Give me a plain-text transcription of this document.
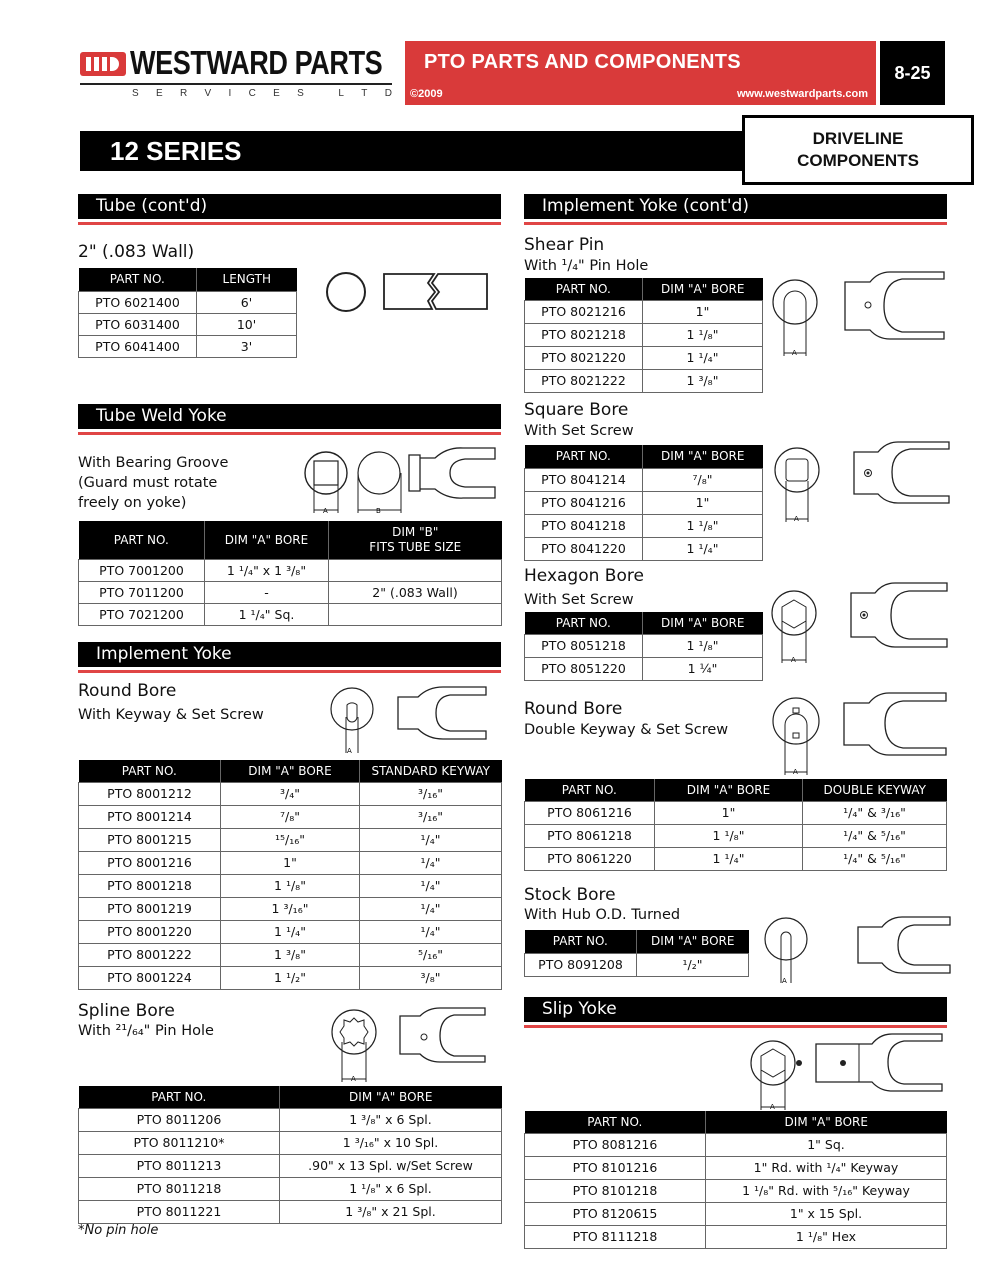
WESTWARD PARTS
S E R V I C E S	L T D
PTO PARTS AND COMPONENTS
©2009	www.westwardparts.com
8-25
12 SERIES	DRIVELINE
COMPONENTS
Tube (cont'd)
2" (.083 Wall)
PART NO.	LENGTH
PTO 6021400	6'
PTO 6031400	10'
PTO 6041400	3'
Tube Weld Yoke
With Bearing Groove
(Guard must rotate
freely on yoke)	A	B
PART NO.	DIM "A" BORE	DIM "B"
FITS TUBE SIZE

PTO 7001200	1 ¹/₄" x 1 ³/₈"	
PTO 7011200	-	2" (.083 Wall)
PTO 7021200	1 ¹/₄" Sq.	
Implement Yoke
Round Bore
With Keyway & Set Screw
A
PART NO.	DIM "A" BORE	STANDARD KEYWAY
PTO 8001212	³/₄"	³/₁₆"
PTO 8001214	⁷/₈"	³/₁₆"
PTO 8001215	¹⁵/₁₆"	¹/₄"
PTO 8001216	1"	¹/₄"
PTO 8001218	1 ¹/₈"	¹/₄"
PTO 8001219	1 ³/₁₆"	¹/₄"
PTO 8001220	1 ¹/₄"	¹/₄"
PTO 8001222	1 ³/₈"	⁵/₁₆"
PTO 8001224	1 ¹/₂"	³/₈"
Spline Bore
With ²¹/₆₄" Pin Hole
A
PART NO.	DIM "A" BORE
PTO 8011206	1 ³/₈" x 6 Spl.
PTO 8011210*	1 ³/₁₆" x 10 Spl.
PTO 8011213	.90" x 13 Spl. w/Set Screw
PTO 8011218	1 ¹/₈" x 6 Spl.
PTO 8011221	1 ³/₈" x 21 Spl.
*No pin hole
Implement Yoke (cont'd)
Shear Pin
With ¹/₄" Pin Hole
PART NO.	DIM "A" BORE
PTO 8021216	1"
PTO 8021218	1 ¹/₈"
PTO 8021220	1 ¹/₄"
PTO 8021222	1 ³/₈"
A
Square Bore
With Set Screw
PART NO.	DIM "A" BORE
PTO 8041214	⁷/₈"
PTO 8041216	1"
PTO 8041218	1 ¹/₈"
PTO 8041220	1 ¹/₄"
A
Hexagon Bore
With Set Screw
PART NO.	DIM "A" BORE
PTO 8051218	1 ¹/₈"
PTO 8051220	1 ¼"
A
Round Bore
Double Keyway & Set Screw
A
PART NO.	DIM "A" BORE	DOUBLE KEYWAY
PTO 8061216	1"	¹/₄" & ³/₁₆"
PTO 8061218	1 ¹/₈"	¹/₄" & ⁵/₁₆"
PTO 8061220	1 ¹/₄"	¹/₄" & ⁵/₁₆"
Stock Bore
With Hub O.D. Turned
PART NO.	DIM "A" BORE
PTO 8091208	¹/₂"
A
Slip Yoke
A
PART NO.	DIM "A" BORE
PTO 8081216	1" Sq.
PTO 8101216	1" Rd. with ¹/₄" Keyway
PTO 8101218	1 ¹/₈" Rd. with ⁵/₁₆" Keyway
PTO 8120615	1" x 15 Spl.
PTO 8111218	1 ¹/₈" Hex
